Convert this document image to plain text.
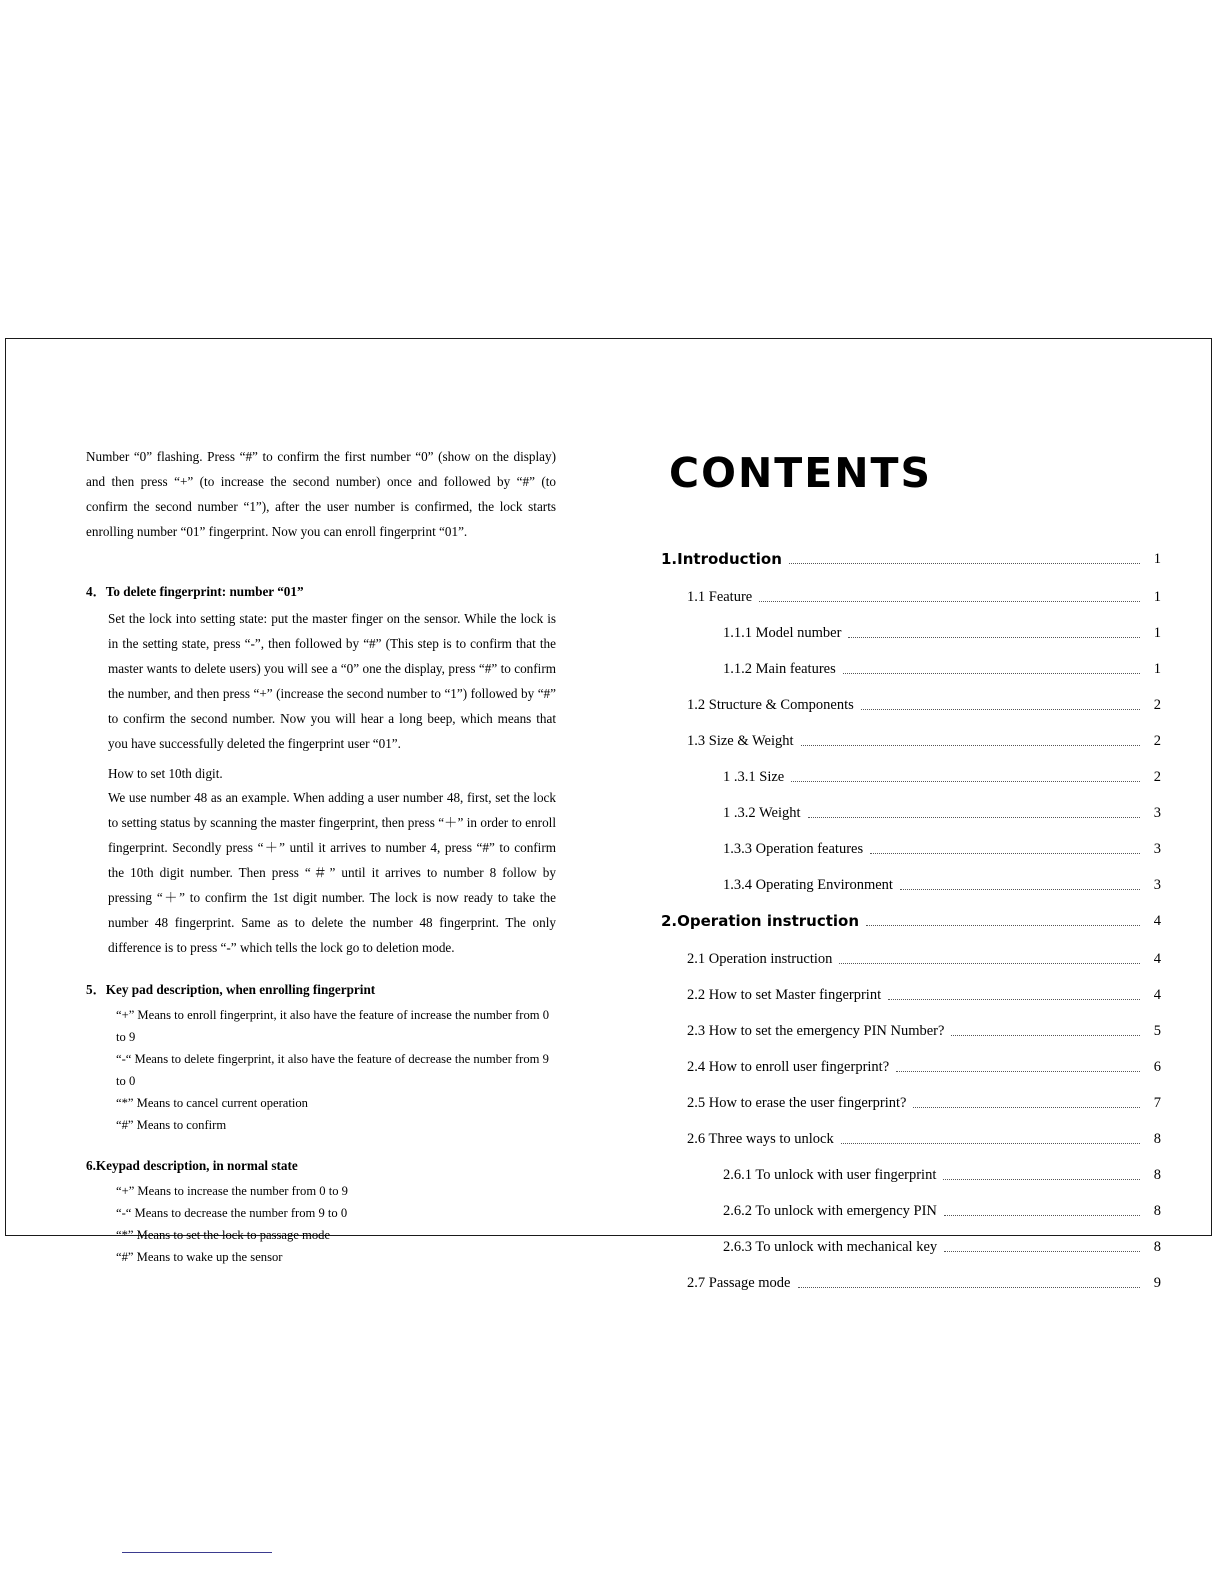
Number “0” flashing. Press “#” to confirm the first number “0” (show on the display) and then press “+” (to increase the second number) once and followed by “#” (to confirm the second number “1”), after the user number is confirmed, the lock starts enrolling number “01” fingerprint. Now you can enroll fingerprint “01”.

4．To delete fingerprint: number “01”

Set the lock into setting state: put the master finger on the sensor. While the lock is in the setting state, press “-”, then followed by “#” (This step is to confirm that the master wants to delete users) you will see a “0” one the display, press “#” to confirm the number, and then press “+” (increase the second number to “1”) followed by “#” to confirm the second number. Now you will hear a long beep, which means that you have successfully deleted the fingerprint user “01”.

How to set 10th digit.

We use number 48 as an example. When adding a user number 48, first, set the lock to setting status by scanning the master fingerprint, then press “＋” in order to enroll fingerprint. Secondly press “＋” until it arrives to number 4, press “#” to confirm the 10th digit number. Then press “＃” until it arrives to number 8 follow by pressing “＋” to confirm the 1st digit number. The lock is now ready to take the number 48 fingerprint. Same as to delete the number 48 fingerprint. The only difference is to press “-” which tells the lock go to deletion mode.

5．Key pad description, when enrolling fingerprint

“+” Means to enroll fingerprint, it also have the feature of increase the number from 0 to 9

“-“ Means to delete fingerprint, it also have the feature of decrease the number from 9 to 0

“*” Means to cancel current operation

“#” Means to confirm

6.Keypad description, in normal state

“+” Means to increase the number from 0 to 9

“-“ Means to decrease the number from 9 to 0

“*” Means to set the lock to passage mode

“#” Means to wake up the sensor

CONTENTS
1.Introduction	1
1.1 Feature	1
1.1.1 Model number	1
1.1.2 Main features	1
1.2 Structure & Components	2
1.3 Size & Weight	2
1 .3.1 Size	2
1 .3.2 Weight	3
1.3.3 Operation features	3
1.3.4 Operating Environment	3
2.Operation instruction	4
2.1 Operation instruction	4
2.2 How to set Master fingerprint	4
2.3 How to set the emergency PIN Number?	5
2.4 How to enroll user fingerprint?	6
2.5 How to erase the user fingerprint?	7
2.6 Three ways to unlock	8
2.6.1 To unlock with user fingerprint	8
2.6.2 To unlock with emergency PIN	8
2.6.3 To unlock with mechanical key	8
2.7 Passage mode	9
